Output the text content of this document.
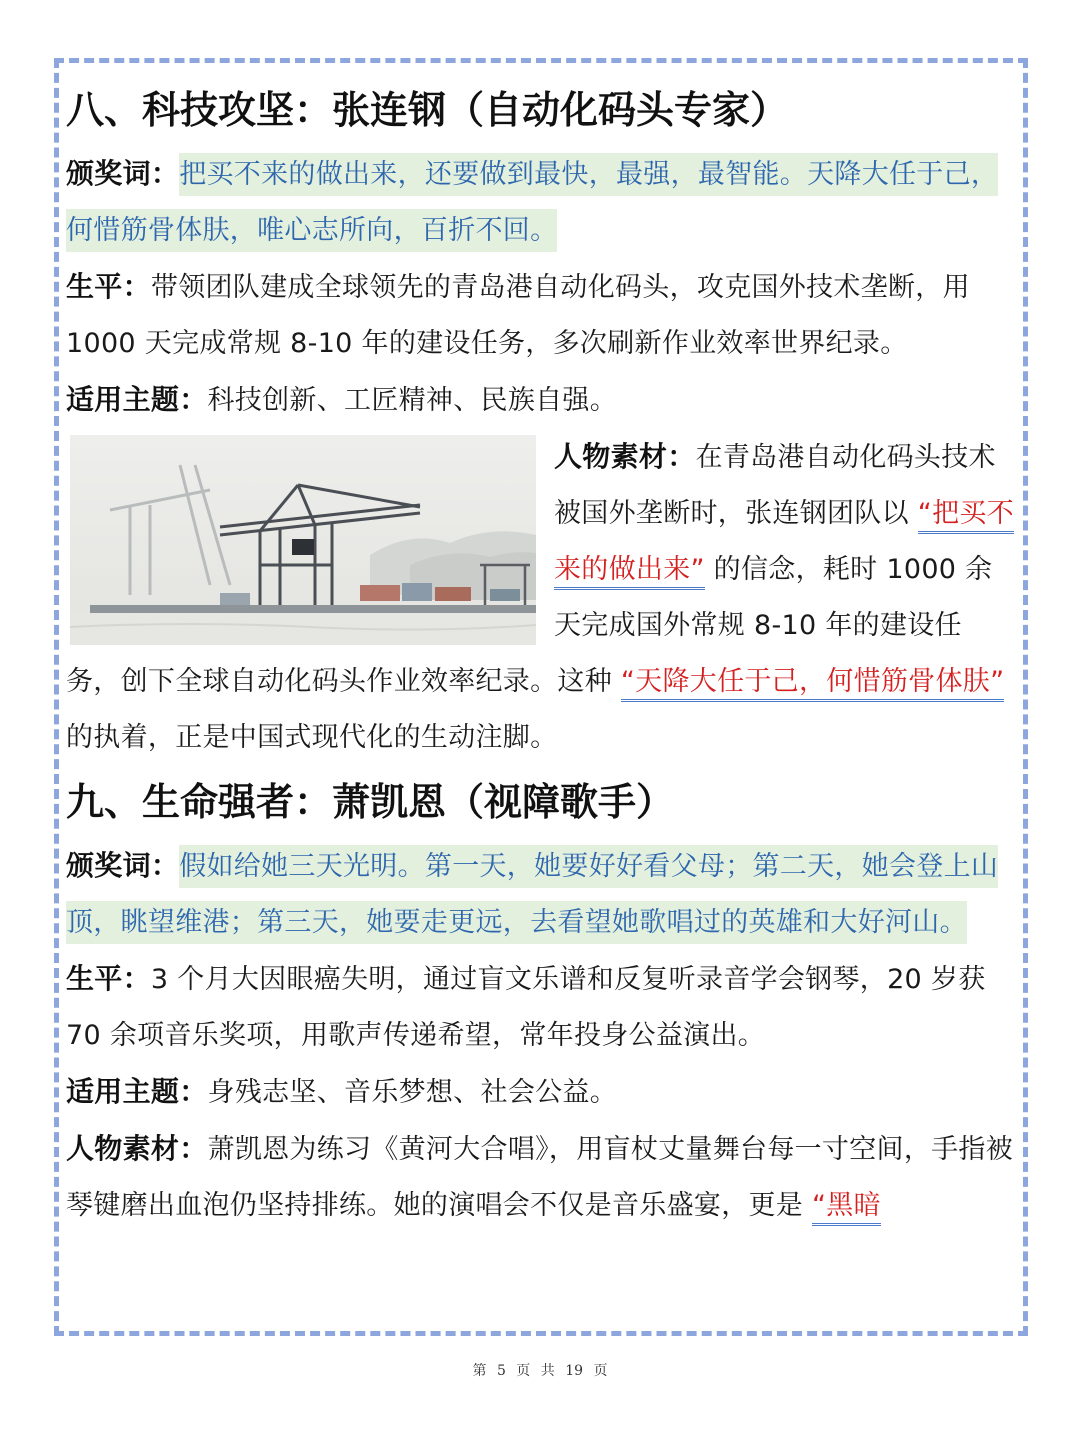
八、科技攻坚：张连钢（自动化码头专家）

颁奖词：把买不来的做出来，还要做到最快，最强，最智能。天降大任于己，何惜筋骨体肤，唯心志所向，百折不回。

生平：带领团队建成全球领先的青岛港自动化码头，攻克国外技术垄断，用 1000 天完成常规 8-10 年的建设任务，多次刷新作业效率世界纪录。

适用主题：科技创新、工匠精神、民族自强。

人物素材：在青岛港自动化码头技术被国外垄断时，张连钢团队以 “把买不来的做出来” 的信念，耗时 1000 余天完成国外常规 8-10 年的建设任务，创下全球自动化码头作业效率纪录。这种 “天降大任于己，何惜筋骨体肤” 的执着，正是中国式现代化的生动注脚。
九、生命强者：萧凯恩（视障歌手）

颁奖词：假如给她三天光明。第一天，她要好好看父母；第二天，她会登上山顶，眺望维港；第三天，她要走更远，去看望她歌唱过的英雄和大好河山。

生平：3 个月大因眼癌失明，通过盲文乐谱和反复听录音学会钢琴，20 岁获 70 余项音乐奖项，用歌声传递希望，常年投身公益演出。

适用主题：身残志坚、音乐梦想、社会公益。

人物素材：萧凯恩为练习《黄河大合唱》，用盲杖丈量舞台每一寸空间，手指被琴键磨出血泡仍坚持排练。她的演唱会不仅是音乐盛宴，更是 “黑暗

第 5 页 共 19 页
